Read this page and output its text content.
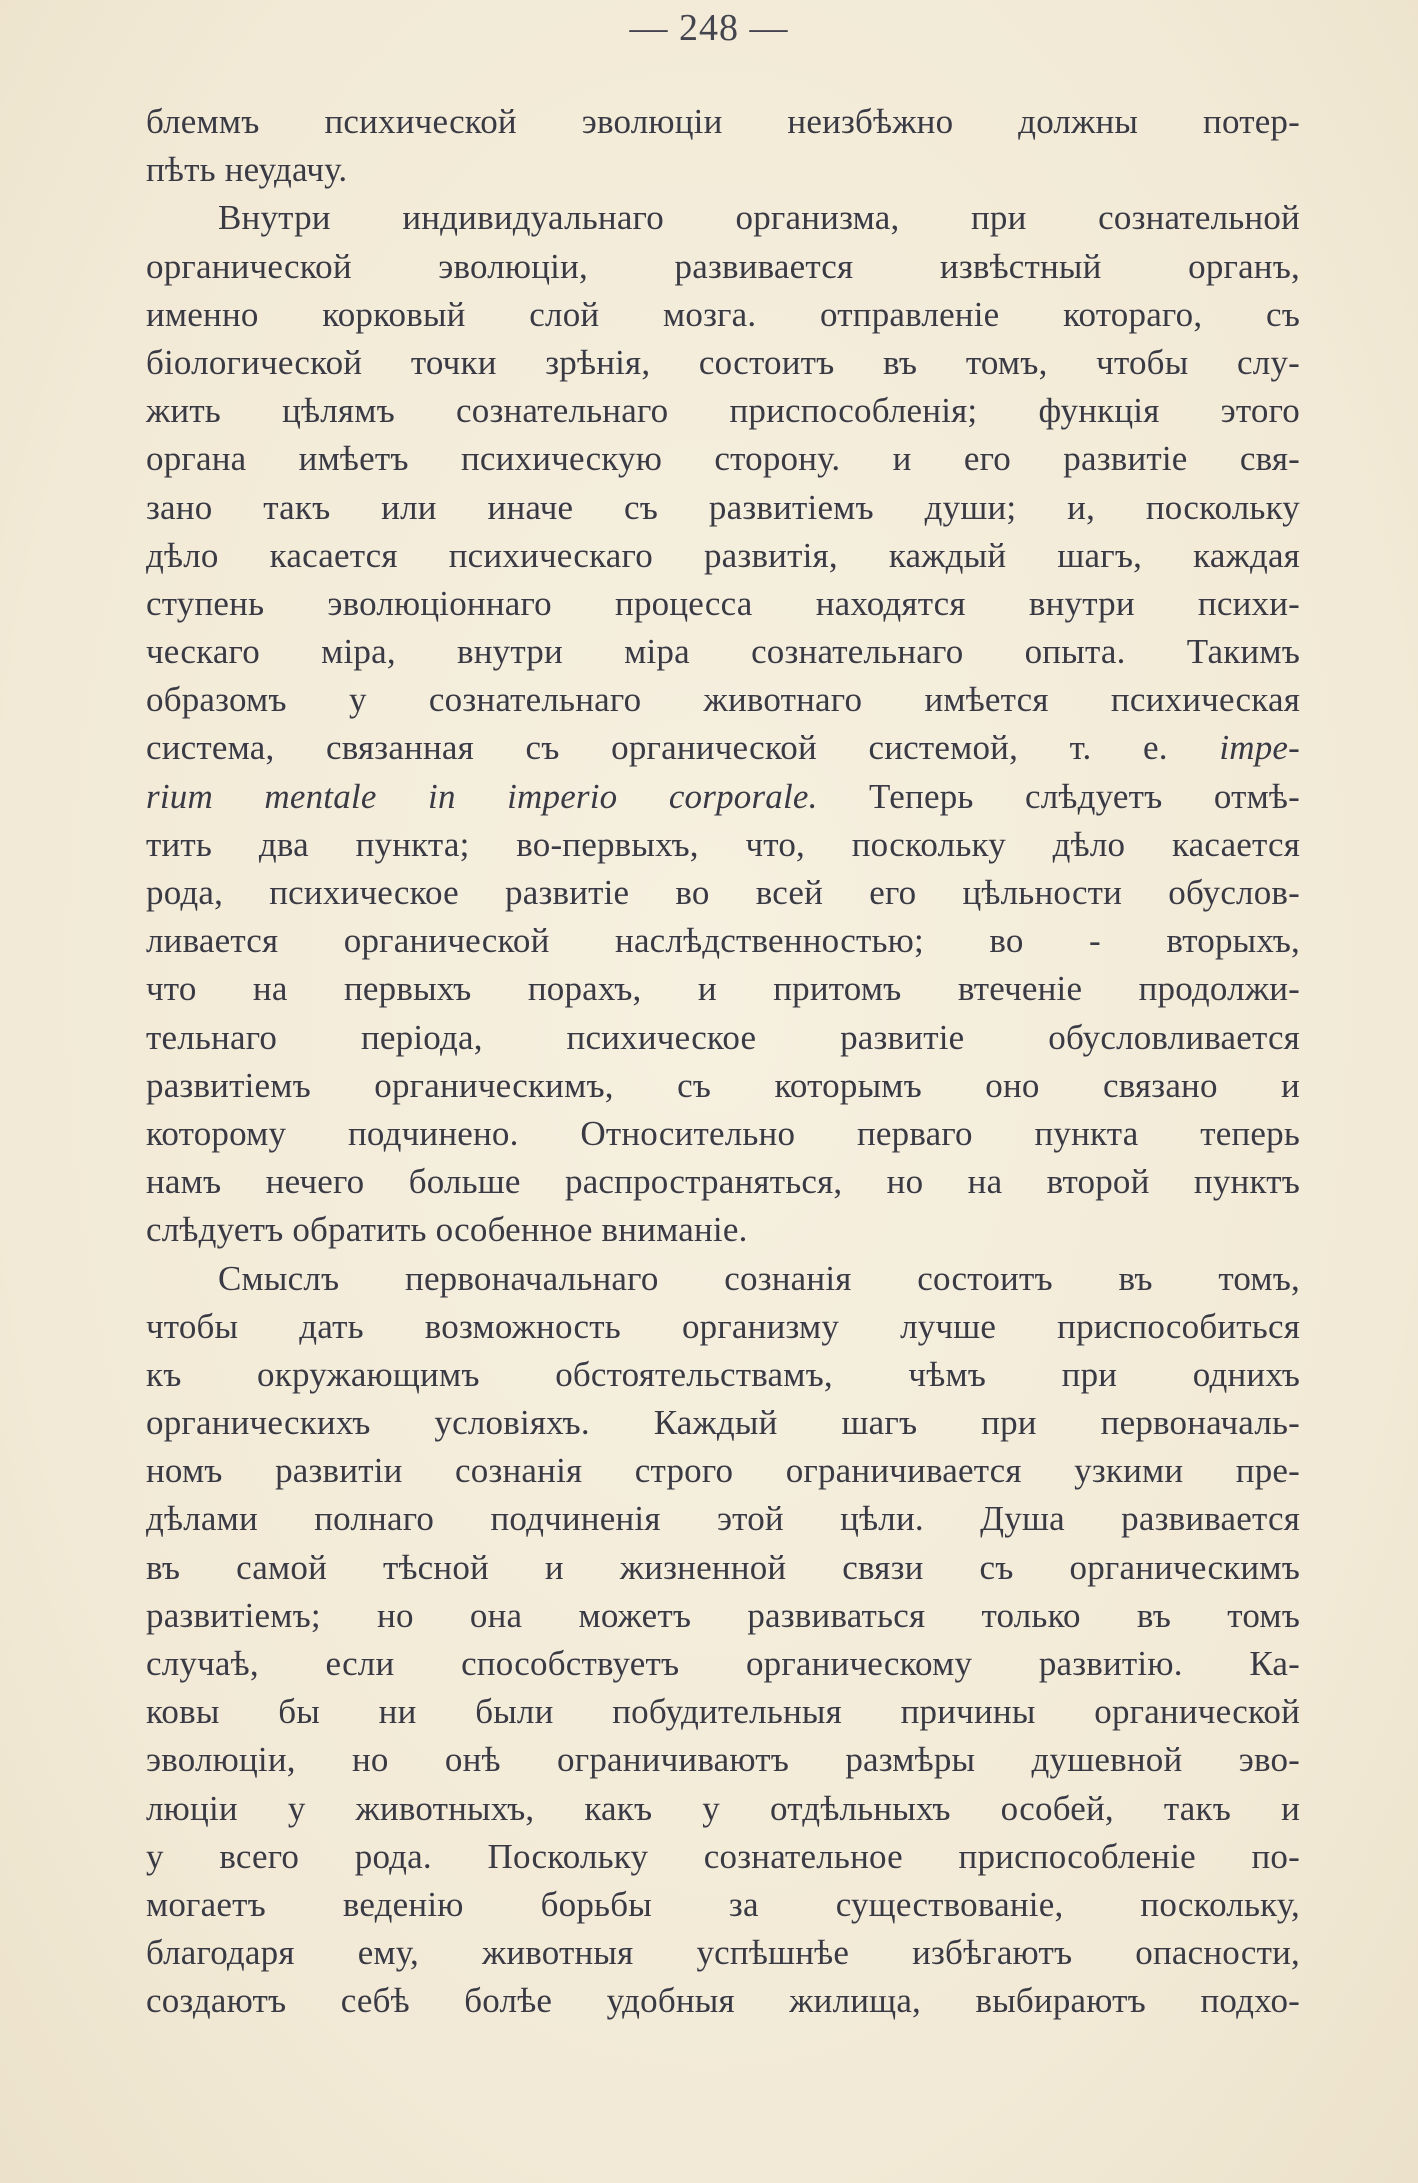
— 248 —
блеммъ психической эволюціи неизбѣжно должны потер-
пѣть неудачу.
Внутри индивидуальнаго организма, при сознательной
органической эволюціи, развивается извѣстный органъ,
именно корковый слой мозга. отправленіе котораго, съ
біологической точки зрѣнія, состоитъ въ томъ, чтобы слу-
жить цѣлямъ сознательнаго приспособленія; функція этого
органа имѣетъ психическую сторону. и его развитіе свя-
зано такъ или иначе съ развитіемъ души; и, поскольку
дѣло касается психическаго развитія, каждый шагъ, каждая
ступень эволюціоннаго процесса находятся внутри психи-
ческаго міра, внутри міра сознательнаго опыта. Такимъ
образомъ у сознательнаго животнаго имѣется психическая
система, связанная съ органической системой, т. е. impe-
rium mentale in imperio corporale. Теперь слѣдуетъ отмѣ-
тить два пункта; во-первыхъ, что, поскольку дѣло касается
рода, психическое развитіе во всей его цѣльности обуслов-
ливается органической наслѣдственностью; во - вторыхъ,
что на первыхъ порахъ, и притомъ втеченіе продолжи-
тельнаго періода, психическое развитіе обусловливается
развитіемъ органическимъ, съ которымъ оно связано и
которому подчинено. Относительно перваго пункта теперь
намъ нечего больше распространяться, но на второй пунктъ
слѣдуетъ обратить особенное вниманіе.
Смыслъ первоначальнаго сознанія состоитъ въ томъ,
чтобы дать возможность организму лучше приспособиться
къ окружающимъ обстоятельствамъ, чѣмъ при однихъ
органическихъ условіяхъ. Каждый шагъ при первоначаль-
номъ развитіи сознанія строго ограничивается узкими пре-
дѣлами полнаго подчиненія этой цѣли. Душа развивается
въ самой тѣсной и жизненной связи съ органическимъ
развитіемъ; но она можетъ развиваться только въ томъ
случаѣ, если способствуетъ органическому развитію. Ка-
ковы бы ни были побудительныя причины органической
эволюціи, но онѣ ограничиваютъ размѣры душевной эво-
люціи у животныхъ, какъ у отдѣльныхъ особей, такъ и
у всего рода. Поскольку сознательное приспособленіе по-
могаетъ веденію борьбы за существованіе, поскольку,
благодаря ему, животныя успѣшнѣе избѣгаютъ опасности,
создаютъ себѣ болѣе удобныя жилища, выбираютъ подхо-
